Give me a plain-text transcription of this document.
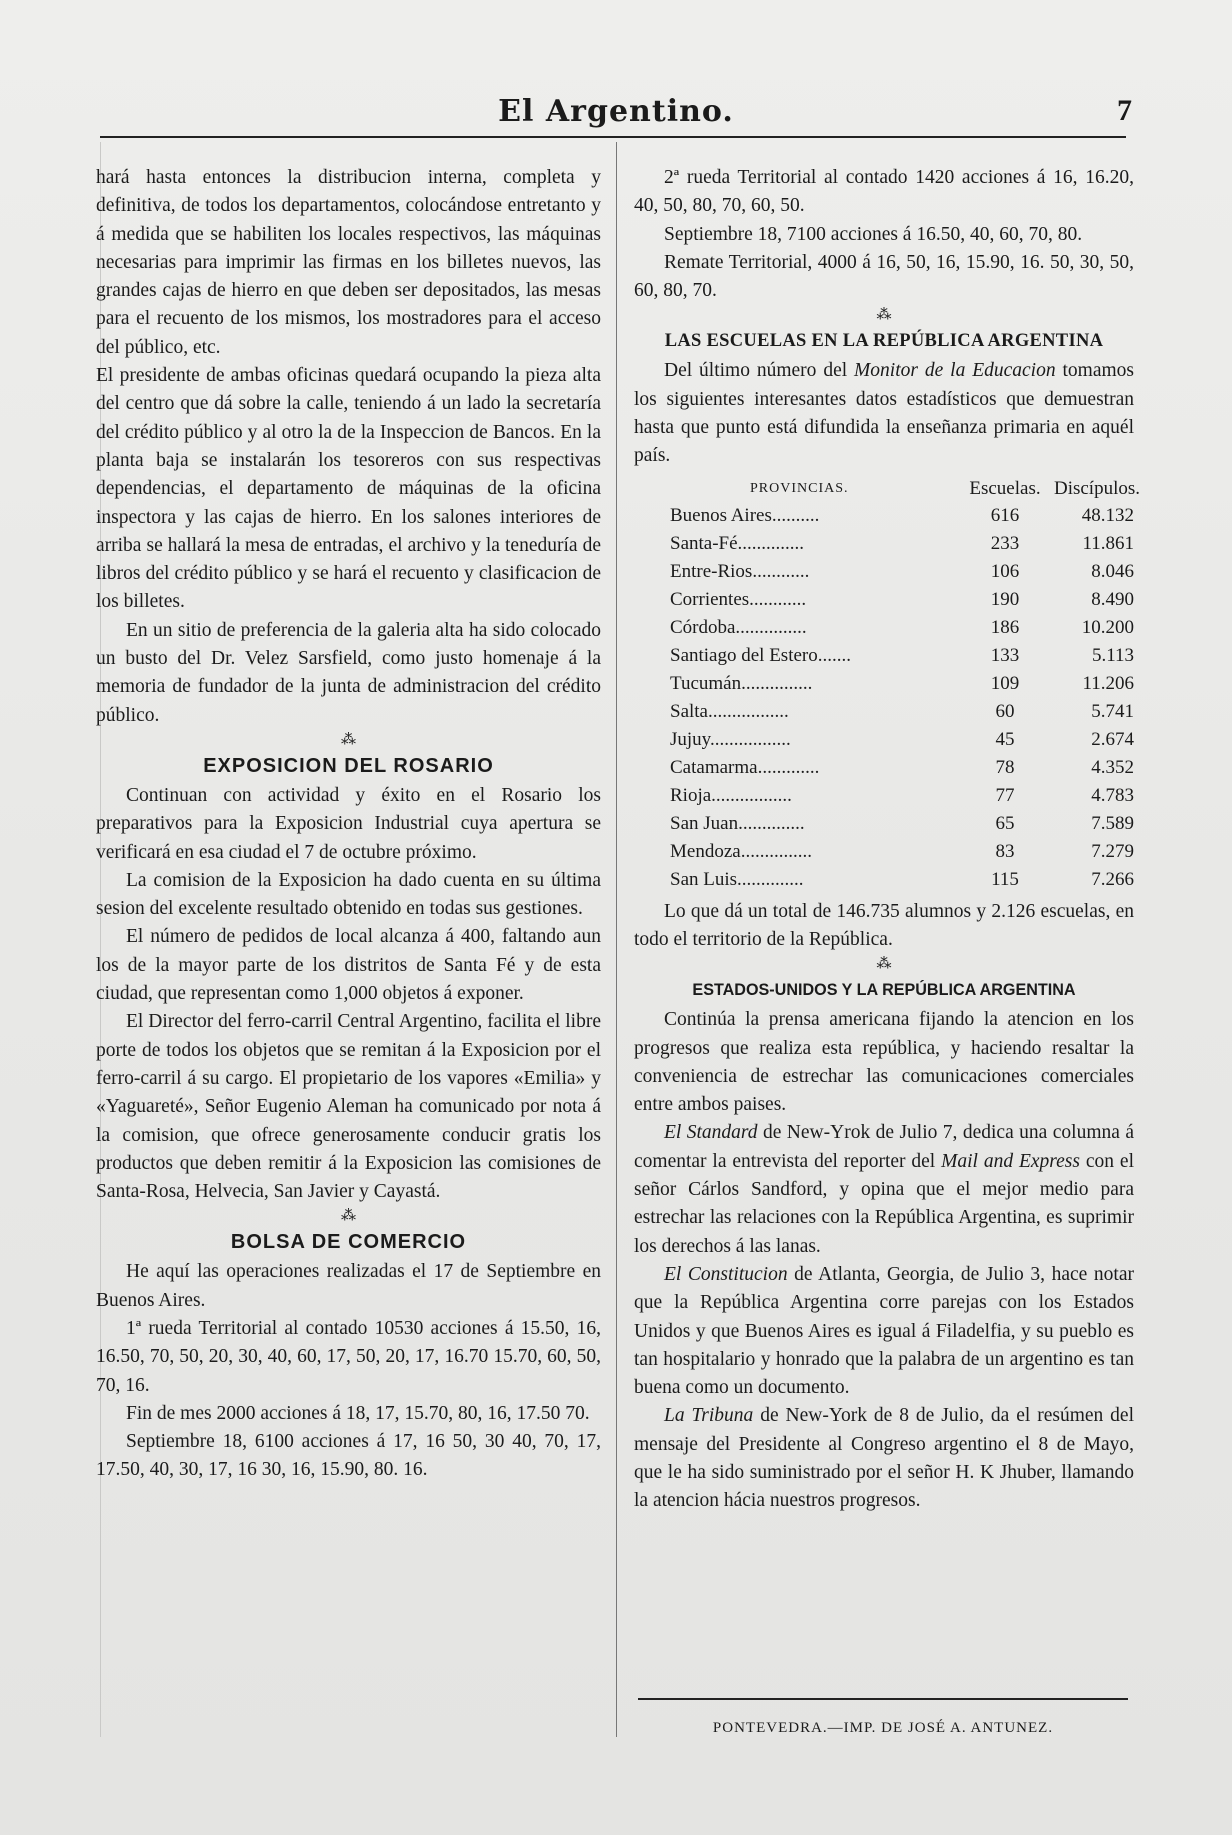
El Argentino.	7

hará hasta entonces la distribucion interna, completa y definitiva, de todos los departamentos, colocándose entretanto y á medida que se habiliten los locales respectivos, las máquinas necesarias para imprimir las firmas en los billetes nuevos, las grandes cajas de hierro en que deben ser depositados, las mesas para el recuento de los mismos, los mostradores para el acceso del público, etc.

El presidente de ambas oficinas quedará ocupando la pieza alta del centro que dá sobre la calle, teniendo á un lado la secretaría del crédito público y al otro la de la Inspeccion de Bancos. En la planta baja se instalarán los tesoreros con sus respectivas dependencias, el departamento de máquinas de la oficina inspectora y las cajas de hierro. En los salones interiores de arriba se hallará la mesa de entradas, el archivo y la teneduría de libros del crédito público y se hará el recuento y clasificacion de los billetes.

En un sitio de preferencia de la galeria alta ha sido colocado un busto del Dr. Velez Sarsfield, como justo homenaje á la memoria de fundador de la junta de administracion del crédito público.

⁂
EXPOSICION DEL ROSARIO

Continuan con actividad y éxito en el Rosario los preparativos para la Exposicion Industrial cuya apertura se verificará en esa ciudad el 7 de octubre próximo.

La comision de la Exposicion ha dado cuenta en su última sesion del excelente resultado obtenido en todas sus gestiones.

El número de pedidos de local alcanza á 400, faltando aun los de la mayor parte de los distritos de Santa Fé y de esta ciudad, que representan como 1,000 objetos á exponer.

El Director del ferro-carril Central Argentino, facilita el libre porte de todos los objetos que se remitan á la Exposicion por el ferro-carril á su cargo. El propietario de los vapores «Emilia» y «Yaguareté», Señor Eugenio Aleman ha comunicado por nota á la comision, que ofrece generosamente conducir gratis los productos que deben remitir á la Exposicion las comisiones de Santa-Rosa, Helvecia, San Javier y Cayastá.

⁂
BOLSA DE COMERCIO

He aquí las operaciones realizadas el 17 de Septiembre en Buenos Aires.

1ª rueda Territorial al contado 10530 acciones á 15.50, 16, 16.50, 70, 50, 20, 30, 40, 60, 17, 50, 20, 17, 16.70 15.70, 60, 50, 70, 16.

Fin de mes 2000 acciones á 18, 17, 15.70, 80, 16, 17.50 70.

Septiembre 18, 6100 acciones á 17, 16 50, 30 40, 70, 17, 17.50, 40, 30, 17, 16 30, 16, 15.90, 80. 16.

2ª rueda Territorial al contado 1420 acciones á 16, 16.20, 40, 50, 80, 70, 60, 50.

Septiembre 18, 7100 acciones á 16.50, 40, 60, 70, 80.

Remate Territorial, 4000 á 16, 50, 16, 15.90, 16. 50, 30, 50, 60, 80, 70.

⁂
LAS ESCUELAS EN LA REPÚBLICA ARGENTINA

Del último número del Monitor de la Educacion tomamos los siguientes interesantes datos estadísticos que demuestran hasta que punto está difundida la enseñanza primaria en aquél país.

PROVINCIAS.	Escuelas.	Discípulos.
Buenos Aires..........	616	48.132
Santa-Fé..............	233	11.861
Entre-Rios............	106	8.046
Corrientes............	190	8.490
Córdoba...............	186	10.200
Santiago del Estero.......	133	5.113
Tucumán...............	109	11.206
Salta.................	60	5.741
Jujuy.................	45	2.674
Catamarma.............	78	4.352
Rioja.................	77	4.783
San Juan..............	65	7.589
Mendoza...............	83	7.279
San Luis..............	115	7.266

Lo que dá un total de 146.735 alumnos y 2.126 escuelas, en todo el territorio de la República.

⁂
ESTADOS-UNIDOS Y LA REPÚBLICA ARGENTINA

Continúa la prensa americana fijando la atencion en los progresos que realiza esta república, y haciendo resaltar la conveniencia de estrechar las comunicaciones comerciales entre ambos paises.

El Standard de New-Yrok de Julio 7, dedica una columna á comentar la entrevista del reporter del Mail and Express con el señor Cárlos Sandford, y opina que el mejor medio para estrechar las relaciones con la República Argentina, es suprimir los derechos á las lanas.

El Constitucion de Atlanta, Georgia, de Julio 3, hace notar que la República Argentina corre parejas con los Estados Unidos y que Buenos Aires es igual á Filadelfia, y su pueblo es tan hospitalario y honrado que la palabra de un argentino es tan buena como un documento.

La Tribuna de New-York de 8 de Julio, da el resúmen del mensaje del Presidente al Congreso argentino el 8 de Mayo, que le ha sido suministrado por el señor H. K Jhuber, llamando la atencion hácia nuestros progresos.

PONTEVEDRA.—IMP. DE JOSÉ A. ANTUNEZ.
